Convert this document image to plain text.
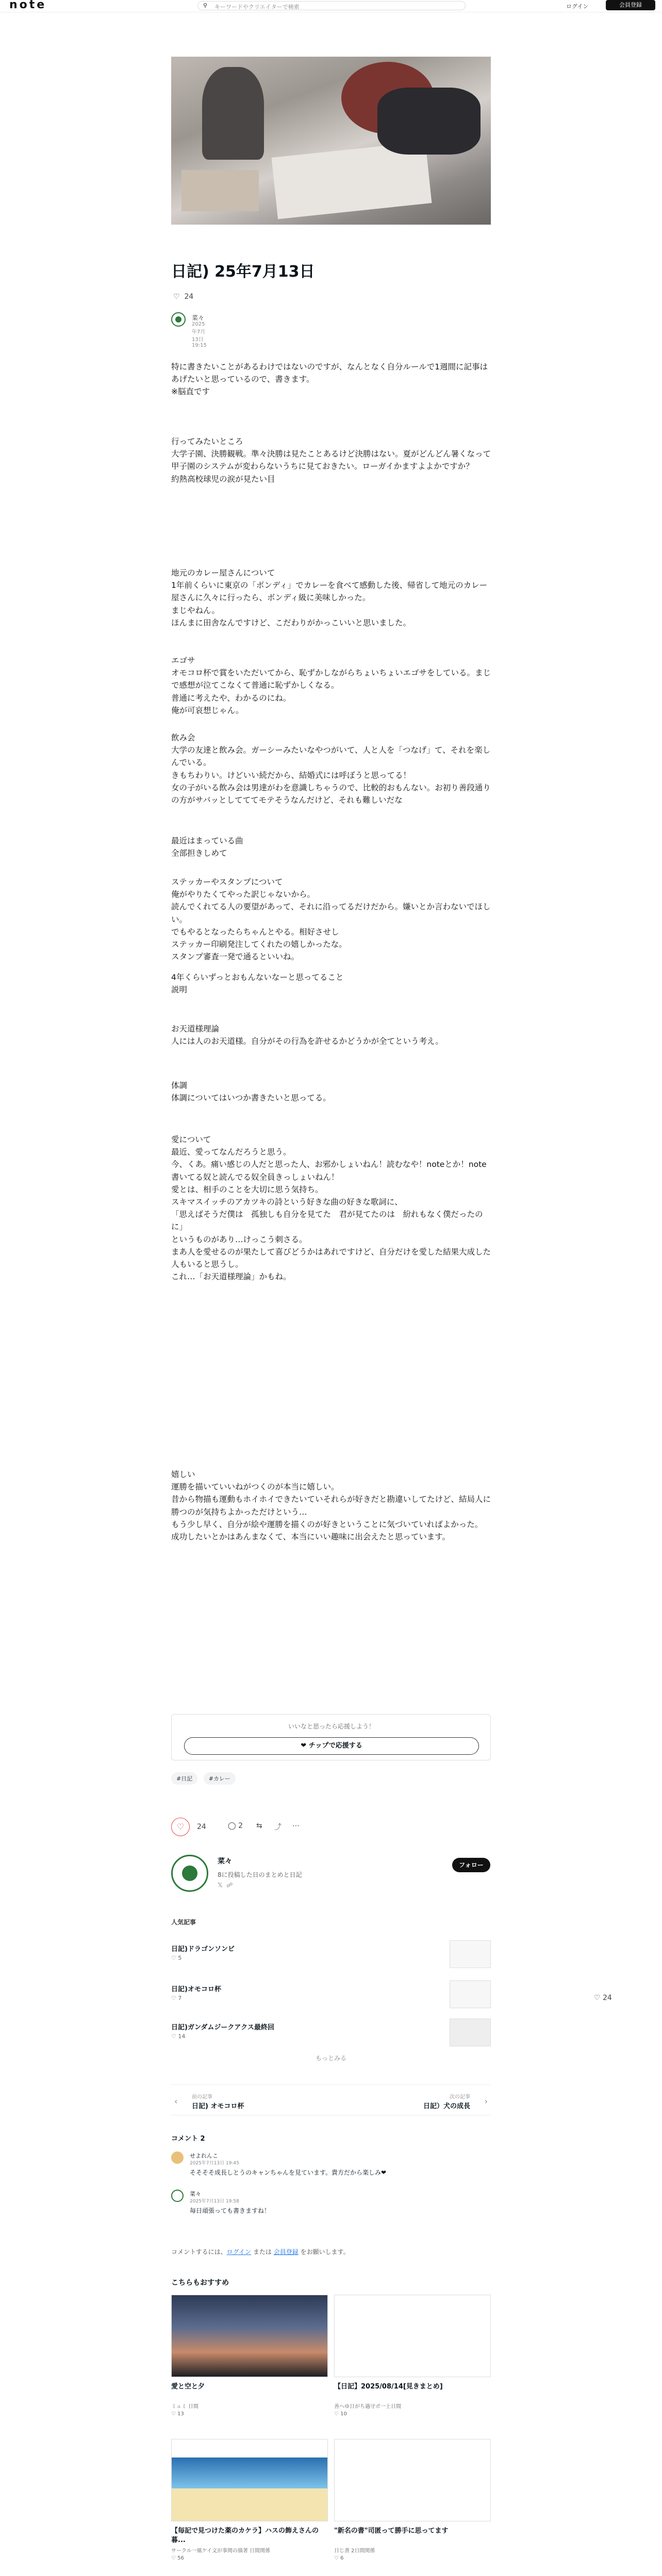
note	⚲ キーワードやクリエイターで検索	ログイン	会員登録
日記) 25年7月13日
♡ 24
菜々
2025年7月13日 19:15

特に書きたいことがあるわけではないのですが、なんとなく自分ルールで1週間に記事はあげたいと思っているので、書きます。
※脳直です

行ってみたいところ
大学子園、決勝観戦。準々決勝は見たことあるけど決勝はない。夏がどんどん暑くなって甲子園のシステムが変わらないうちに見ておきたい。ローガイかますよよかですか？
約熱高校球児の涙が見たい目

地元のカレー屋さんについて
1年前くらいに東京の「ボンディ」でカレーを食べて感動した後、帰省して地元のカレー屋さんに久々に行ったら、ボンディ級に美味しかった。
まじやねん。
ほんまに田舎なんですけど、こだわりがかっこいいと思いました。

エゴサ
オモコロ杯で賞をいただいてから、恥ずかしながらちょいちょいエゴサをしている。まじで感想が泣てこなくて普通に恥ずかしくなる。
普通に考えたや、わかるのにね。
俺が可哀想じゃん。

飲み会
大学の友達と飲み会。ガーシーみたいなやつがいて、人と人を「つなげ」て、それを楽しんでいる。
きもちわりい。けどいい続だから、結婚式には呼ぼうと思ってる！
女の子がいる飲み会は男達がわを意識しちゃうので、比較的おもんない。お初り善段通りの方がサバッとしてててモテそうなんだけど、それも難しいだな

最近はまっている曲
全部担きしめて

ステッカーやスタンプについて
俺がやりたくてやった訳じゃないから。
読んでくれてる人の要望があって、それに沿ってるだけだから。嫌いとか言わないでほしい。
でもやるとなったらちゃんとやる。相好させし
ステッカー印刷発注してくれたの嬉しかったな。
スタンプ審査一発で通るといいね。

4年くらいずっとおもんないなーと思ってること
説明

お天道様理論
人には人のお天道様。自分がその行為を許せるかどうかが全てという考え。

体調
体調についてはいつか書きたいと思ってる。

愛について
最近、愛ってなんだろうと思う。
今、くあ。痛い感じの人だと思った人、お邪かしょいねん！読むなや！noteとか！note書いてる奴と読んでる奴全員きっしょいねん！
愛とは、相手のことを大切に思う気持ち。
スキマスイッチのアカツキの詩という好きな曲の好きな歌詞に、
「思えばそうだ僕は　孤独しも自分を見てた　君が見てたのは　紛れもなく僕だったのに」
というものがあり…けっこう刺さる。
まあ人を愛せるのが果たして喜びどうかはあれですけど、自分だけを愛した結果大成した人もいると思うし。
これ…「お天道様理論」かもね。

嬉しい
運勝を描いていいねがつくのが本当に嬉しい。
昔から物描も運動もホイホイできたいていそれらが好きだと勘違いしてたけど、結局人に勝つのが気持ちよかっただけという…
もう少し早く、自分が絵や運勝を描くのが好きということに気づいていればよかった。
成功したいとかはあんまなくて、本当にいい趣味に出会えたと思っています。

いいなと思ったら応援しよう！
❤ チップで応援する
#日記	#カレー
♡	24	◯ 2 ⇆ ⤴ ⋯
菜々
8に投稿した日のまとめと日記
𝕏  ☍
フォロー
人気記事
日記)ドラゴンソンビ
♡ 5
日記)オモコロ杯
♡ 7
日記)ガンダムジークアクス最終回
♡ 14
もっとみる
‹	前の記事
日記) オモコロ杯
次の記事
日記）犬の成長
›
コメント 2
せよれんこ
2025年7月13日 19:45
そそそそ成長しとうのキャンちゃんを見ています。貴方だから楽しみ❤
菜々
2025年7月13日 19:58
毎日頑張っても書きますね！
コメントするには、ログイン または 会員登録 をお願いします。
こちらもおすすめ
愛と空と夕
ミュミ 日間
♡ 13
【日記】2025/08/14[見きまとめ]
善へゆ日がち過守ポ一上日間
♡ 10
【毎記で見つけた薬のカケラ】ハスの飾えさんの暮...
サークル一風ケイ文が事関の描著 日間関係
♡ 56
"新名の書"司匿って勝手に思ってます
日じ書 2日間関係
♡ 6
♡ 24
